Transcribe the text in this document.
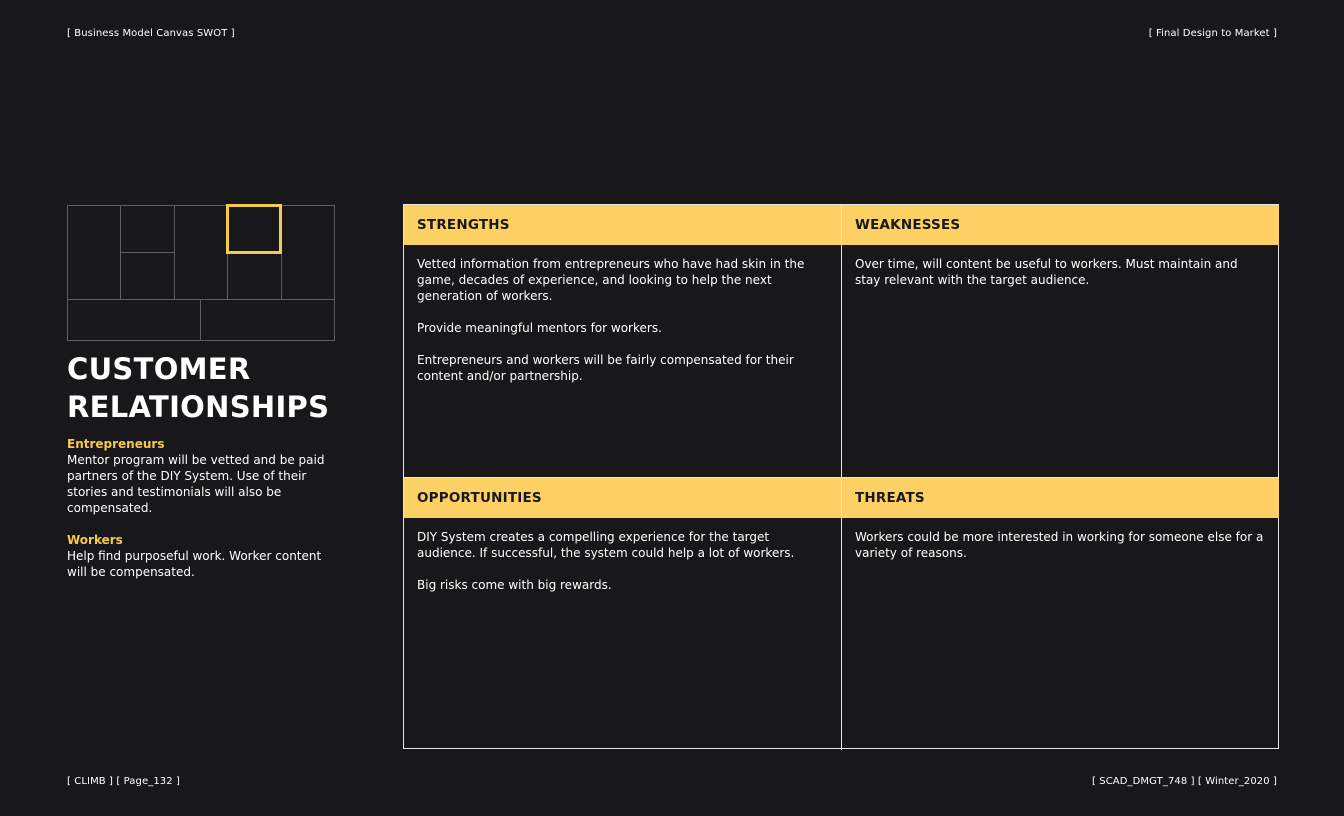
[ Business Model Canvas SWOT ]	[ Final Design to Market ]
CUSTOMER RELATIONSHIPS
Entrepreneurs
Mentor program will be vetted and be paid partners of the DIY System. Use of their stories and testimonials will also be compensated.
Workers
Help find purposeful work. Worker content will be compensated.
STRENGTHS

Vetted information from entrepreneurs who have had skin in the game, decades of experience, and looking to help the next generation of workers.

Provide meaningful mentors for workers.

Entrepreneurs and workers will be fairly compensated for their content and/or partnership.

WEAKNESSES

Over time, will content be useful to workers. Must maintain and stay relevant with the target audience.

OPPORTUNITIES

DIY System creates a compelling experience for the target audience. If successful, the system could help a lot of workers.

Big risks come with big rewards.

THREATS

Workers could be more interested in working for someone else for a variety of reasons.

[ CLIMB ] [ Page_132 ]	[ SCAD_DMGT_748 ] [ Winter_2020 ]
